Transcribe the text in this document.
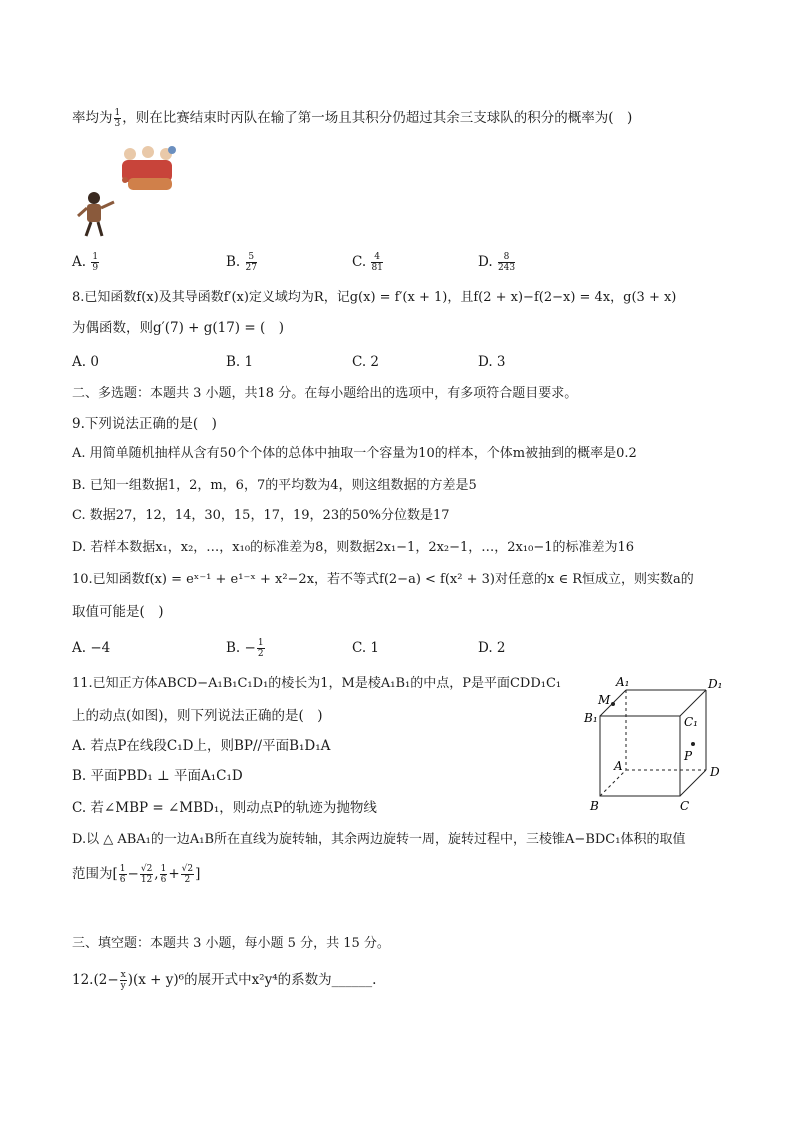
率均为 $\frac{1}{3}$ ，则在比赛结束时丙队在输了第一场且其积分仍超过其余三支球队的积分的概率为(　)
A. $\frac{1}{9}$	B. $\frac{5}{27}$	C. $\frac{4}{81}$	D. $\frac{8}{243}$
8.已知函数f(x)及其导函数f′(x)定义域均为R，记g(x) = f′(x + 1)，且f(2 + x)−f(2−x) = 4x，g(3 + x)
为偶函数，则g′(7) + g(17) = (　)
A. 0	B. 1	C. 2	D. 3
二、多选题：本题共 3 小题，共18 分。在每小题给出的选项中，有多项符合题目要求。
9.下列说法正确的是(　)
A. 用简单随机抽样从含有50个个体的总体中抽取一个容量为10的样本，个体m被抽到的概率是0.2
B. 已知一组数据1，2，m，6，7的平均数为4，则这组数据的方差是5
C. 数据27，12，14，30，15，17，19，23的50%分位数是17
D. 若样本数据x₁，x₂，…，x₁₀的标准差为8，则数据2x₁−1，2x₂−1，…，2x₁₀−1的标准差为16
10.已知函数f(x) = eˣ⁻¹ + e¹⁻ˣ + x²−2x，若不等式f(2−a) < f(x² + 3)对任意的x ∈ R恒成立，则实数a的
取值可能是(　)
A. −4	B. − $\frac{1}{2}$	C. 1	D. 2
11.已知正方体ABCD−A₁B₁C₁D₁的棱长为1，M是棱A₁B₁的中点，P是平面CDD₁C₁
上的动点(如图)，则下列说法正确的是(　)
A. 若点P在线段C₁D上，则BP//平面B₁D₁A
B. 平面PBD₁ ⊥ 平面A₁C₁D
C. 若∠MBP = ∠MBD₁，则动点P的轨迹为抛物线
D.以 △ ABA₁的一边A₁B所在直线为旋转轴，其余两边旋转一周，旋转过程中，三棱锥A−BDC₁体积的取值
范围为[ $\frac{1}{6} - \frac{√2}{12}$ , $\frac{1}{6} + \frac{√2}{2}$ ]
A₁	D₁
M
B₁	C₁
P
A	D
B	C
三、填空题：本题共 3 小题，每小题 5 分，共 15 分。
$12.(2- \frac{x}{y} )(x + y)^6$的展开式中x²y⁴的系数为______.
